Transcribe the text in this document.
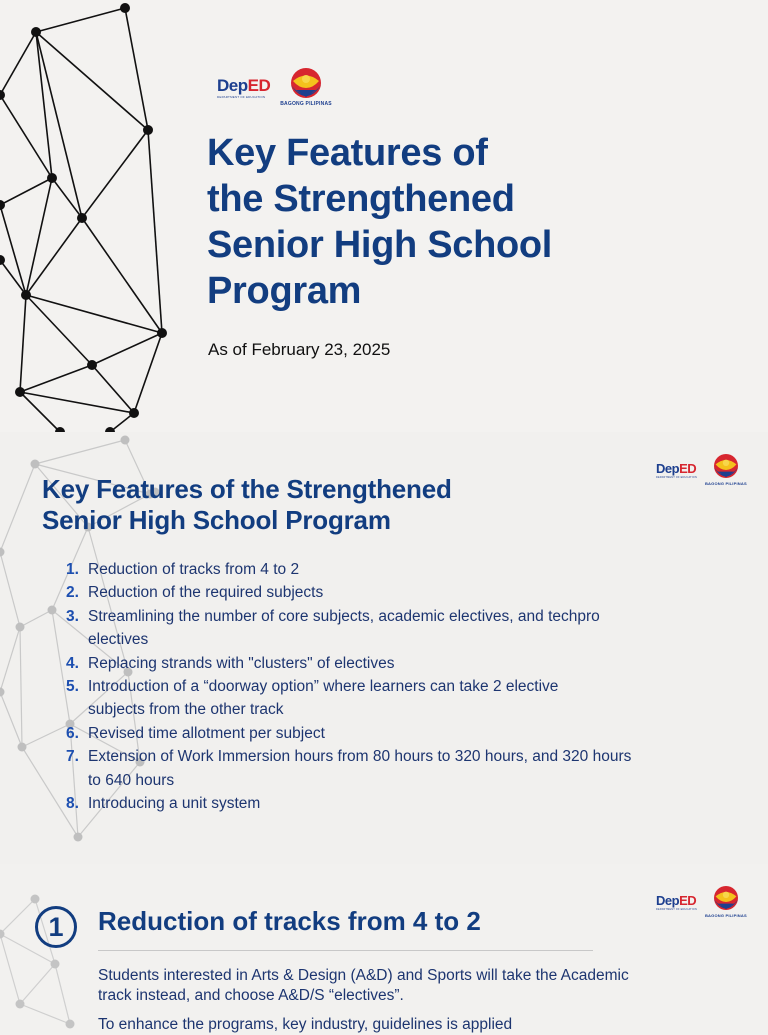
DepED
DEPARTMENT OF EDUCATION
BAGONG PILIPINAS
Key Features of
the Strengthened
Senior High School
Program
As of February 23, 2025
DepED
DEPARTMENT OF EDUCATION
BAGONG PILIPINAS
Key Features of the Strengthened
Senior High School Program
1. Reduction of tracks from 4 to 2
2. Reduction of the required subjects
3. Streamlining the number of core subjects, academic electives, and techpro electives
4. Replacing strands with "clusters" of electives
5. Introduction of a “doorway option” where learners can take 2 elective subjects from the other track
6. Revised time allotment per subject
7. Extension of Work Immersion hours from 80 hours to 320 hours, and 320 hours to 640 hours
8. Introducing a unit system
DepED
DEPARTMENT OF EDUCATION
BAGONG PILIPINAS
1	Reduction of tracks from 4 to 2

Students interested in Arts & Design (A&D) and Sports will take the Academic track instead, and choose A&D/S “electives”.

To enhance the programs, key industry, guidelines is applied
